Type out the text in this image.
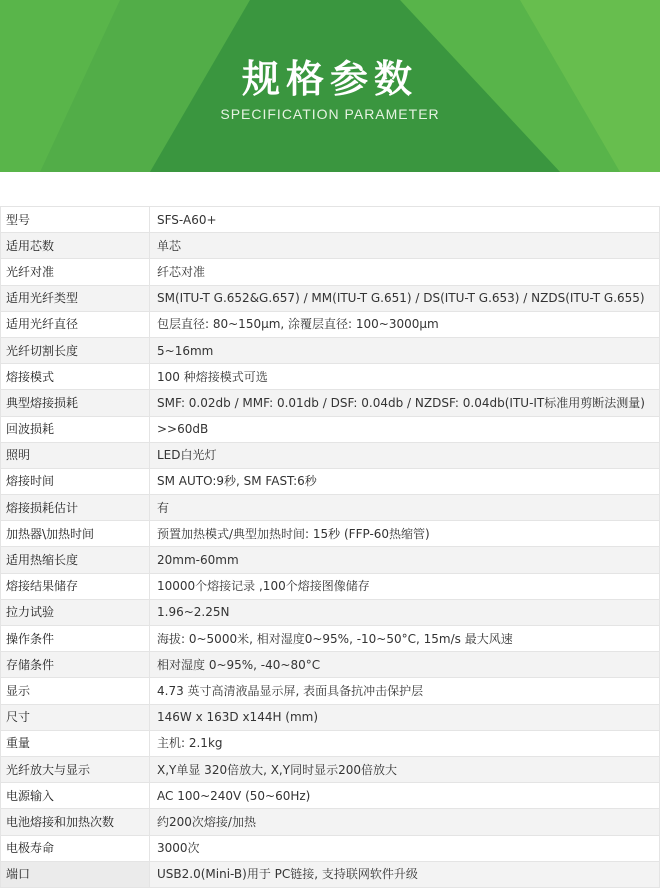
规格参数
SPECIFICATION PARAMETER
型号	SFS-A60+
适用芯数	单芯
光纤对准	纤芯对准
适用光纤类型	SM(ITU-T G.652&G.657) / MM(ITU-T G.651) / DS(ITU-T G.653) / NZDS(ITU-T G.655)
适用光纤直径	包层直径: 80~150μm, 涂覆层直径: 100~3000μm
光纤切割长度	5~16mm
熔接模式	100 种熔接模式可选
典型熔接损耗	SMF: 0.02db / MMF: 0.01db / DSF: 0.04db / NZDSF: 0.04db(ITU-IT标准用剪断法测量)
回波损耗	>>60dB
照明	LED白光灯
熔接时间	SM AUTO:9秒, SM FAST:6秒
熔接损耗估计	有
加热器\加热时间	预置加热模式/典型加热时间: 15秒 (FFP-60热缩管)
适用热缩长度	20mm-60mm
熔接结果储存	10000个熔接记录 ,100个熔接图像储存
拉力试验	1.96~2.25N
操作条件	海拔: 0~5000米, 相对湿度0~95%, -10~50°C, 15m/s 最大风速
存储条件	相对湿度 0~95%, -40~80°C
显示	4.73 英寸高清液晶显示屏, 表面具备抗冲击保护层
尺寸	146W x 163D x144H (mm)
重量	主机: 2.1kg
光纤放大与显示	X,Y单显 320倍放大, X,Y同时显示200倍放大
电源输入	AC 100~240V (50~60Hz)
电池熔接和加热次数	约200次熔接/加热
电极寿命	3000次
端口	USB2.0(Mini-B)用于 PC链接, 支持联网软件升级
